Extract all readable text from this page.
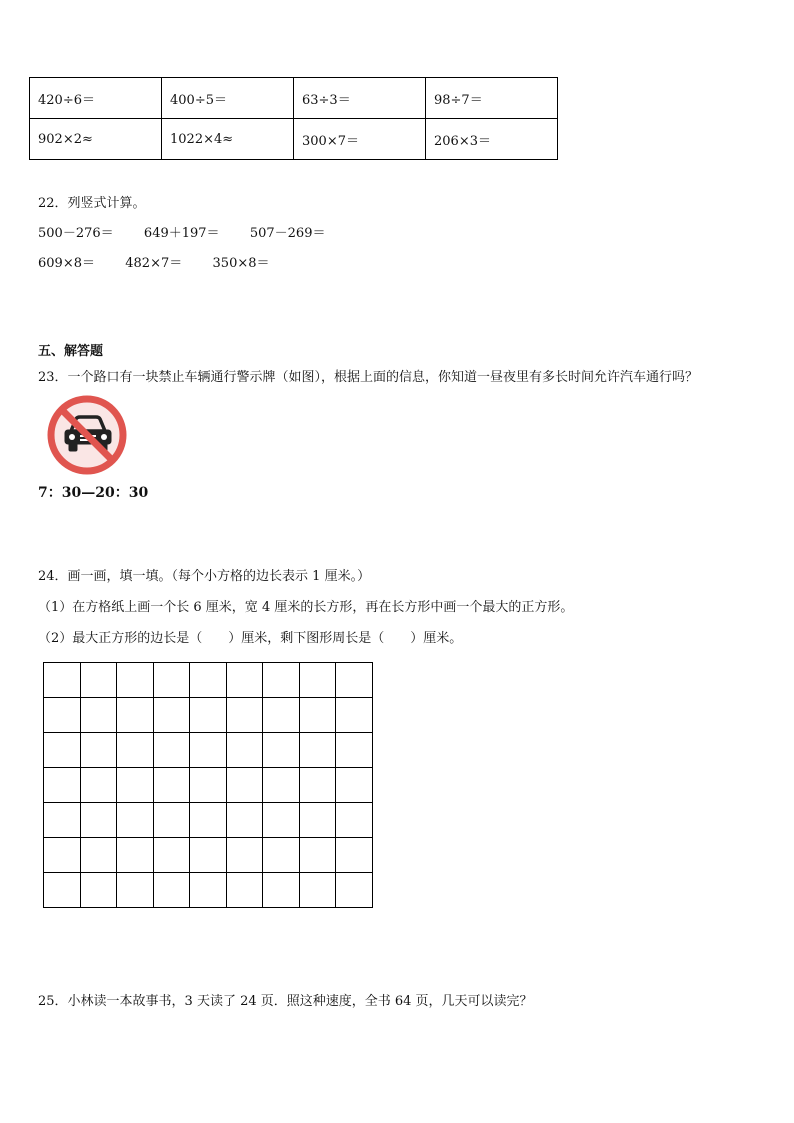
420÷6＝	400÷5＝	63÷3＝	98÷7＝
902×2≈	1022×4≈	300×7＝	206×3＝
22．列竖式计算。
500－276＝ 649＋197＝ 507－269＝
609×8＝ 482×7＝ 350×8＝
五、解答题
23．一个路口有一块禁止车辆通行警示牌（如图），根据上面的信息，你知道一昼夜里有多长时间允许汽车通行吗？
7：30—20：30
24．画一画，填一填。（每个小方格的边长表示 1 厘米。）
（1）在方格纸上画一个长 6 厘米，宽 4 厘米的长方形，再在长方形中画一个最大的正方形。
（2）最大正方形的边长是（　　）厘米，剩下图形周长是（　　）厘米。

25．小林读一本故事书，3 天读了 24 页．照这种速度，全书 64 页，几天可以读完？
